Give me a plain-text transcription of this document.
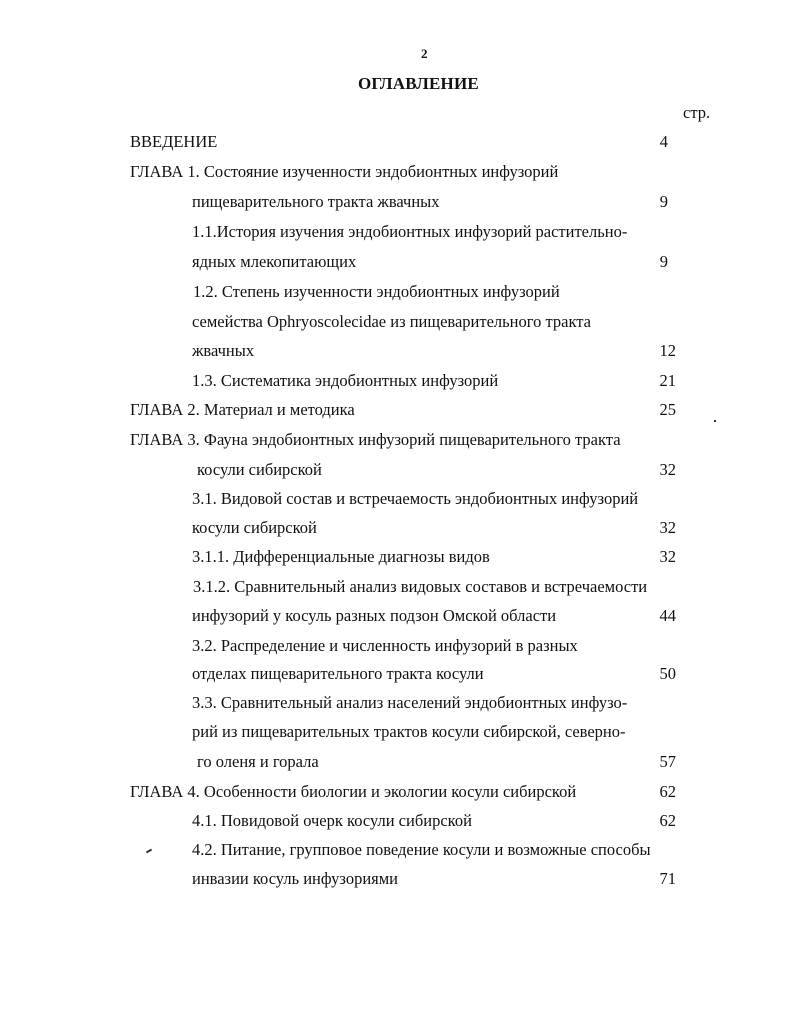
2
ОГЛАВЛЕНИЕ
стр.
ВВЕДЕНИЕ	4
ГЛАВА 1. Состояние изученности эндобионтных инфузорий
пищеварительного тракта жвачных	9
1.1.История изучения эндобионтных инфузорий растительно-
ядных млекопитающих	9
1.2. Степень изученности эндобионтных инфузорий
семейства Ophryoscolecidae из пищеварительного тракта
жвачных	12
1.3. Систематика эндобионтных инфузорий	21
ГЛАВА 2. Материал и методика	25
ГЛАВА 3. Фауна эндобионтных инфузорий пищеварительного тракта
косули сибирской	32
3.1. Видовой состав и встречаемость эндобионтных инфузорий
косули сибирской	32
3.1.1. Дифференциальные диагнозы видов	32
3.1.2. Сравнительный анализ видовых составов и встречаемости
инфузорий у косуль разных подзон Омской области	44
3.2. Распределение и численность инфузорий в разных
отделах пищеварительного тракта косули	50
3.3. Сравнительный анализ населений эндобионтных инфузо-
рий из пищеварительных трактов косули сибирской, северно-
го оленя и горала	57
ГЛАВА 4. Особенности биологии и экологии косули сибирской	62
4.1. Повидовой очерк косули сибирской	62
4.2. Питание, групповое поведение косули и возможные способы
инвазии косуль инфузориями	71
